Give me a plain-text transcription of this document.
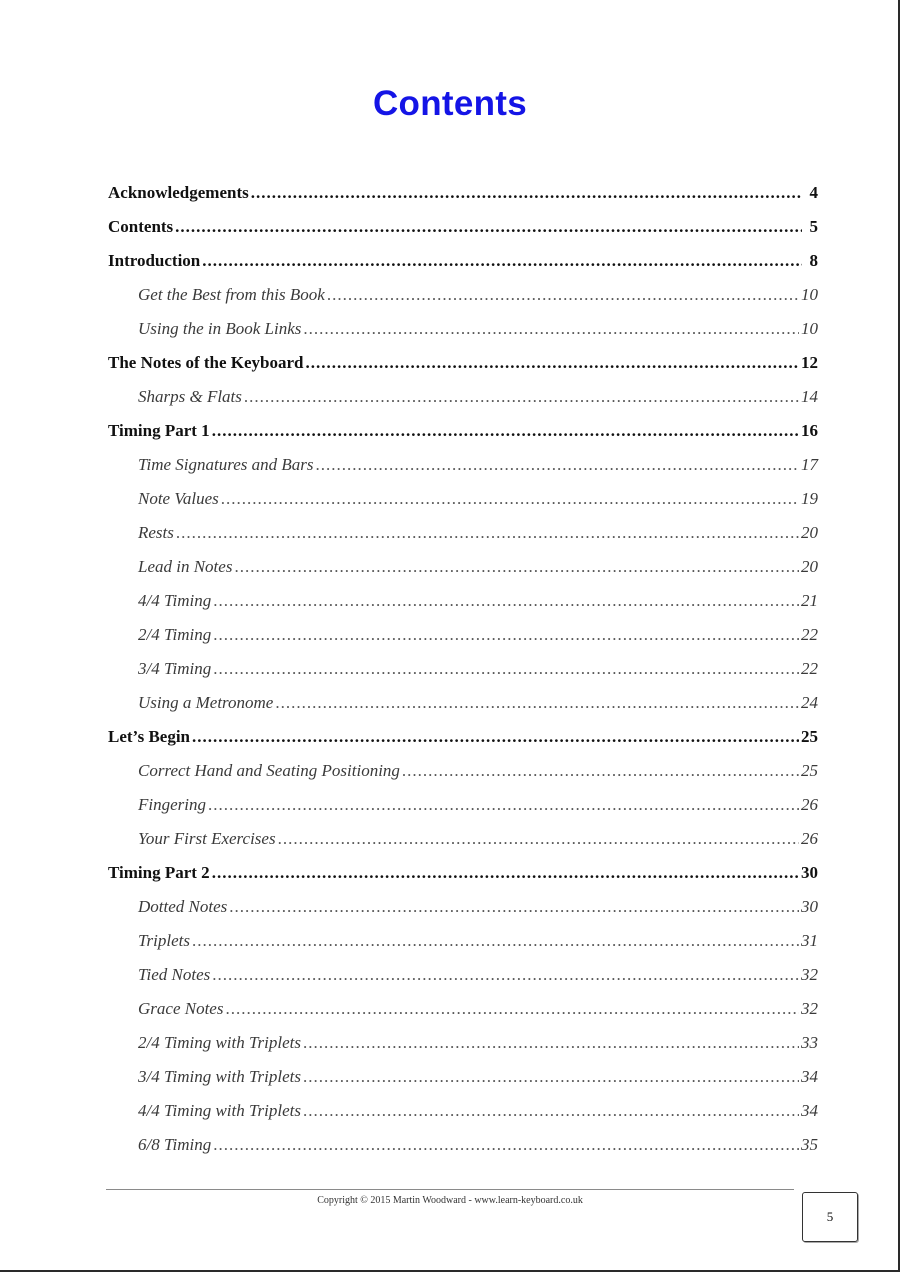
Contents
Acknowledgements .....	4
Contents .....	5
Introduction .....	8
Get the Best from this Book .....	10
Using the in Book Links .....	10
The Notes of the Keyboard .....	12
Sharps & Flats .....	14
Timing Part 1 .....	16
Time Signatures and Bars .....	17
Note Values .....	19
Rests .....	20
Lead in Notes .....	20
4/4 Timing .....	21
2/4 Timing .....	22
3/4 Timing .....	22
Using a Metronome .....	24
Let’s Begin .....	25
Correct Hand and Seating Positioning .....	25
Fingering .....	26
Your First Exercises .....	26
Timing Part 2 .....	30
Dotted Notes .....	30
Triplets .....	31
Tied Notes .....	32
Grace Notes .....	32
2/4 Timing with Triplets .....	33
3/4 Timing with Triplets .....	34
4/4 Timing with Triplets .....	34
6/8 Timing .....	35
Copyright © 2015 Martin Woodward - www.learn-keyboard.co.uk
5
